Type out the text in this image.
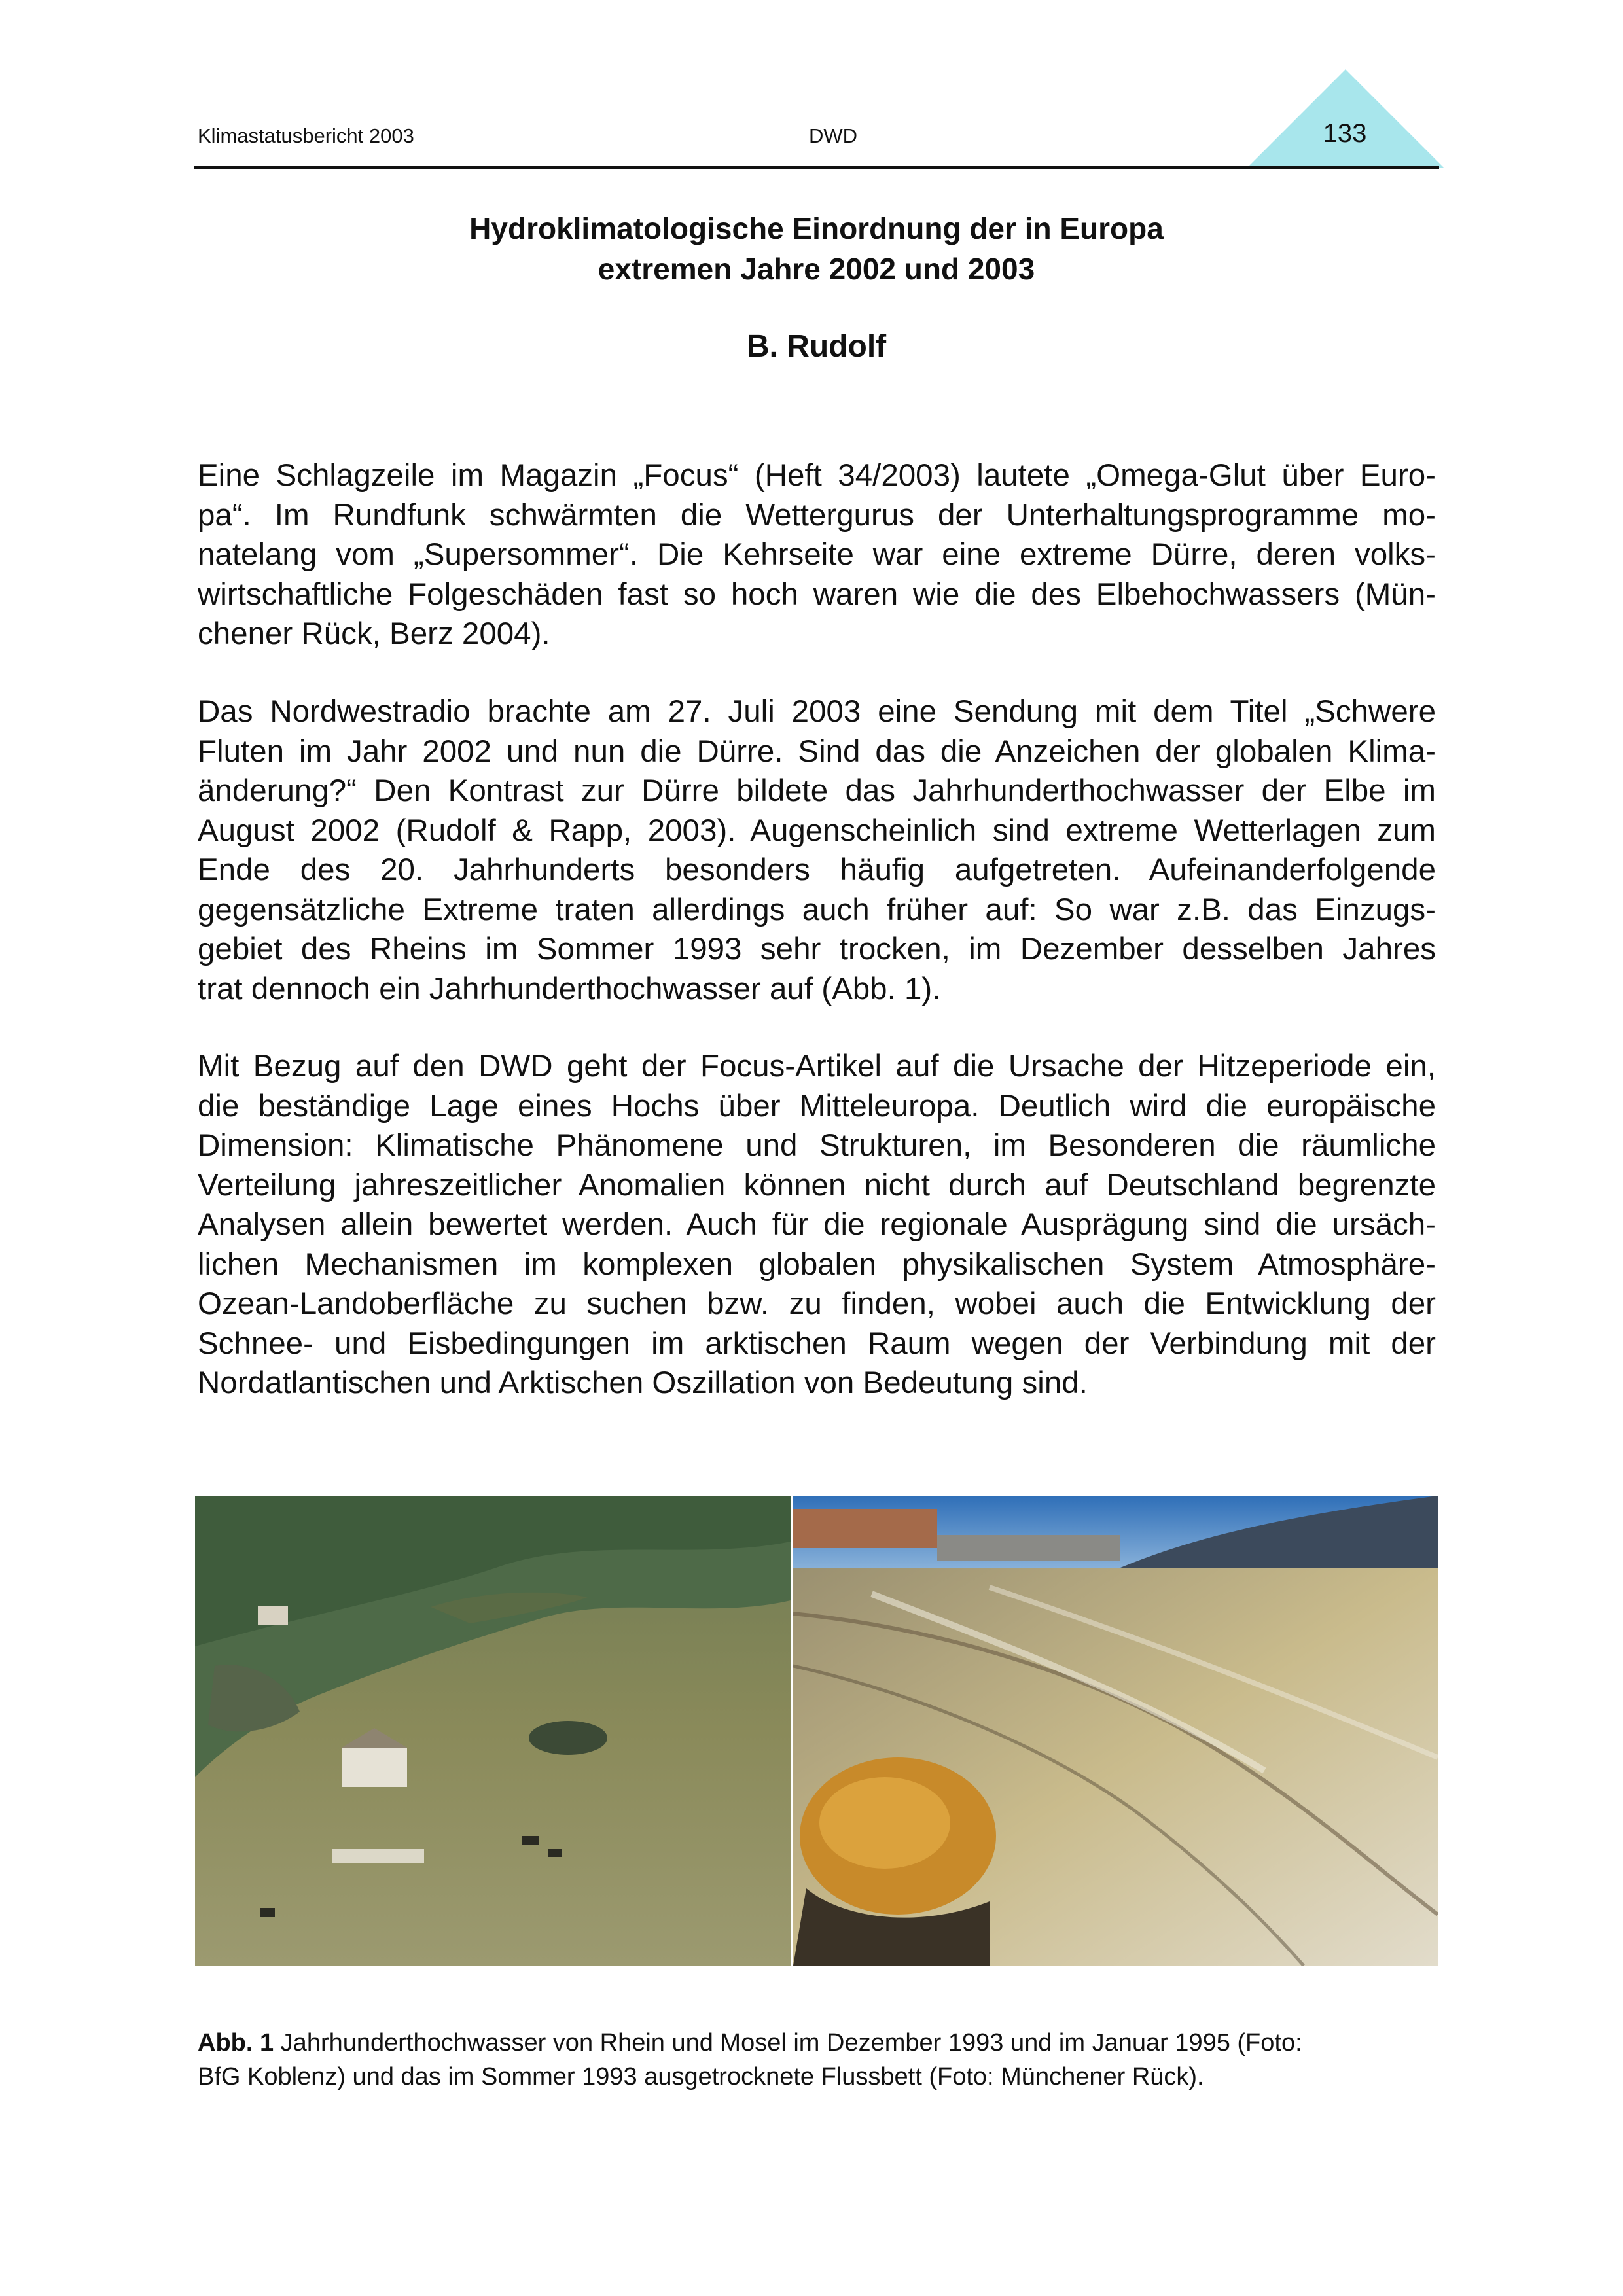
Klimastatusbericht 2003	DWD	133
Hydroklimatologische Einordnung der in Europa
extremen Jahre 2002 und 2003
B. Rudolf
Eine Schlagzeile im Magazin „Focus“ (Heft 34/2003) lautete „Omega-Glut über Euro-
pa“. Im Rundfunk schwärmten die Wettergurus der Unterhaltungsprogramme mo-
natelang vom „Supersommer“. Die Kehrseite war eine extreme Dürre, deren volks-
wirtschaftliche Folgeschäden fast so hoch waren wie die des Elbehochwassers (Mün-
chener Rück, Berz 2004).
Das Nordwestradio brachte am 27. Juli 2003 eine Sendung mit dem Titel „Schwere
Fluten im Jahr 2002 und nun die Dürre. Sind das die Anzeichen der globalen Klima-
änderung?“ Den Kontrast zur Dürre bildete das Jahrhunderthochwasser der Elbe im
August 2002 (Rudolf & Rapp, 2003). Augenscheinlich sind extreme Wetterlagen zum
Ende des 20. Jahrhunderts besonders häufig aufgetreten. Aufeinanderfolgende
gegensätzliche Extreme traten allerdings auch früher auf: So war z.B. das Einzugs-
gebiet des Rheins im Sommer 1993 sehr trocken, im Dezember desselben Jahres
trat dennoch ein Jahrhunderthochwasser auf (Abb. 1).
Mit Bezug auf den DWD geht der Focus-Artikel auf die Ursache der Hitzeperiode ein,
die beständige Lage eines Hochs über Mitteleuropa. Deutlich wird die europäische
Dimension: Klimatische Phänomene und Strukturen, im Besonderen die räumliche
Verteilung jahreszeitlicher Anomalien können nicht durch auf Deutschland begrenzte
Analysen allein bewertet werden. Auch für die regionale Ausprägung sind die ursäch-
lichen Mechanismen im komplexen globalen physikalischen System Atmosphäre-
Ozean-Landoberfläche zu suchen bzw. zu finden, wobei auch die Entwicklung der
Schnee- und Eisbedingungen im arktischen Raum wegen der Verbindung mit der
Nordatlantischen und Arktischen Oszillation von Bedeutung sind.
Abb. 1 Jahrhunderthochwasser von Rhein und Mosel im Dezember 1993 und im Januar 1995 (Foto:
BfG Koblenz) und das im Sommer 1993 ausgetrocknete Flussbett (Foto: Münchener Rück).
